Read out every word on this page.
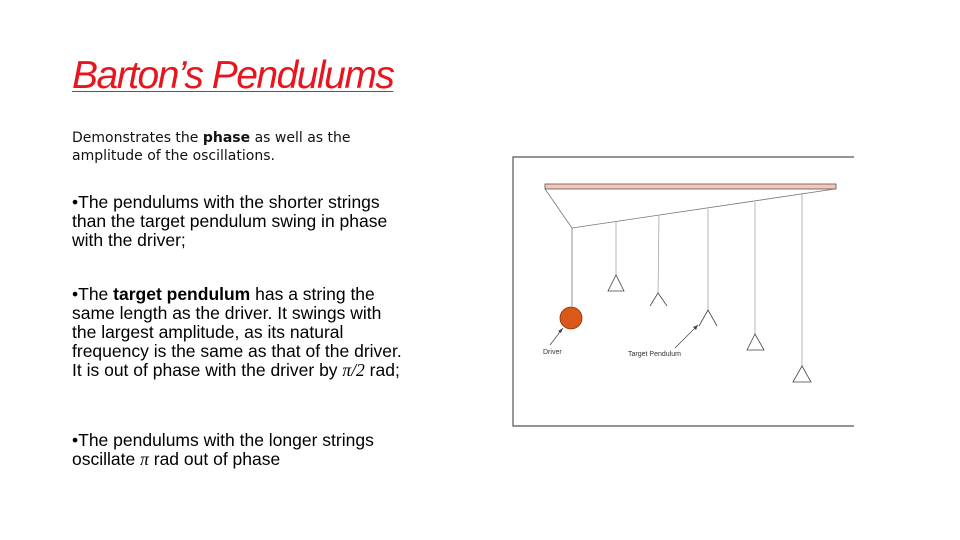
Barton’s Pendulums
Demonstrates the phase as well as the amplitude of the oscillations.
•The pendulums with the shorter strings than the target pendulum swing in phase with the driver;
•The target pendulum has a string the same length as the driver. It swings with the largest amplitude, as its natural frequency is the same as that of the driver. It is out of phase with the driver by π/2 rad;
•The pendulums with the longer strings oscillate π rad out of phase
Driver	Target Pendulum
